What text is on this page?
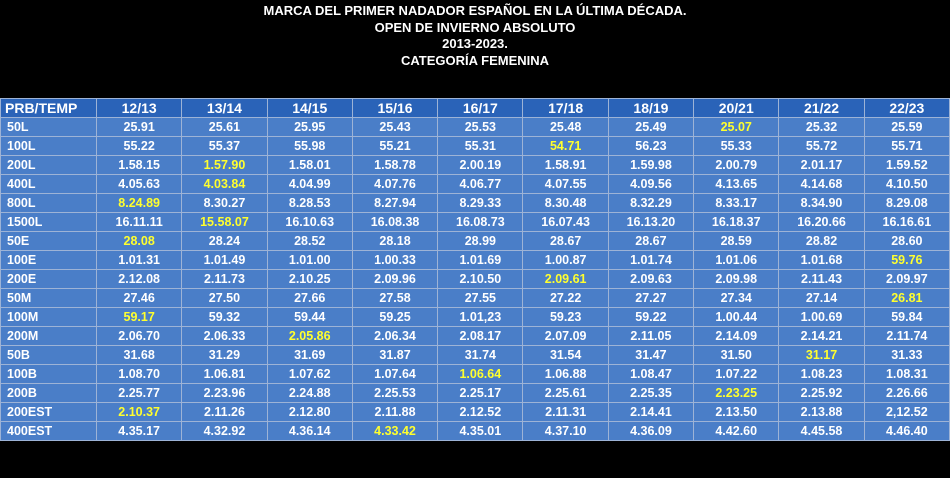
MARCA DEL PRIMER NADADOR ESPAÑOL EN LA ÚLTIMA DÉCADA.
OPEN DE INVIERNO ABSOLUTO
2013-2023.
CATEGORÍA FEMENINA
PRB/TEMP	12/13	13/14	14/15	15/16	16/17	17/18	18/19	20/21	21/22	22/23
50L	25.91	25.61	25.95	25.43	25.53	25.48	25.49	25.07	25.32	25.59
100L	55.22	55.37	55.98	55.21	55.31	54.71	56.23	55.33	55.72	55.71
200L	1.58.15	1.57.90	1.58.01	1.58.78	2.00.19	1.58.91	1.59.98	2.00.79	2.01.17	1.59.52
400L	4.05.63	4.03.84	4.04.99	4.07.76	4.06.77	4.07.55	4.09.56	4.13.65	4.14.68	4.10.50
800L	8.24.89	8.30.27	8.28.53	8.27.94	8.29.33	8.30.48	8.32.29	8.33.17	8.34.90	8.29.08
1500L	16.11.11	15.58.07	16.10.63	16.08.38	16.08.73	16.07.43	16.13.20	16.18.37	16.20.66	16.16.61
50E	28.08	28.24	28.52	28.18	28.99	28.67	28.67	28.59	28.82	28.60
100E	1.01.31	1.01.49	1.01.00	1.00.33	1.01.69	1.00.87	1.01.74	1.01.06	1.01.68	59.76
200E	2.12.08	2.11.73	2.10.25	2.09.96	2.10.50	2.09.61	2.09.63	2.09.98	2.11.43	2.09.97
50M	27.46	27.50	27.66	27.58	27.55	27.22	27.27	27.34	27.14	26.81
100M	59.17	59.32	59.44	59.25	1.01,23	59.23	59.22	1.00.44	1.00.69	59.84
200M	2.06.70	2.06.33	2.05.86	2.06.34	2.08.17	2.07.09	2.11.05	2.14.09	2.14.21	2.11.74
50B	31.68	31.29	31.69	31.87	31.74	31.54	31.47	31.50	31.17	31.33
100B	1.08.70	1.06.81	1.07.62	1.07.64	1.06.64	1.06.88	1.08.47	1.07.22	1.08.23	1.08.31
200B	2.25.77	2.23.96	2.24.88	2.25.53	2.25.17	2.25.61	2.25.35	2.23.25	2.25.92	2.26.66
200EST	2.10.37	2.11.26	2.12.80	2.11.88	2.12.52	2.11.31	2.14.41	2.13.50	2.13.88	2,12.52
400EST	4.35.17	4.32.92	4.36.14	4.33.42	4.35.01	4.37.10	4.36.09	4.42.60	4.45.58	4.46.40
